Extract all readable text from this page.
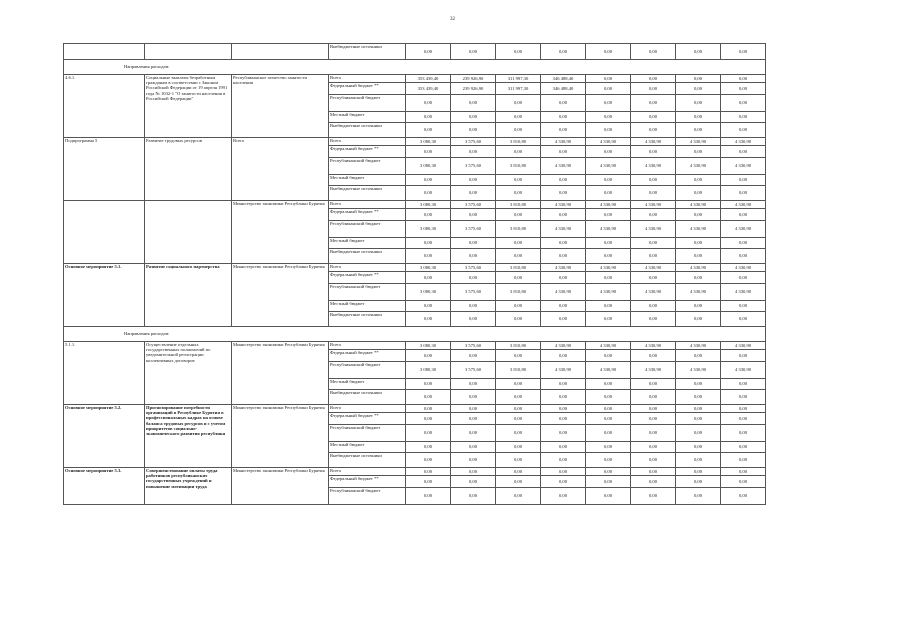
32
			Внебюджетные источники	0,00	0,00	0,00	0,00	0,00	0,00	0,00	0,00
Направления расходов:											
4.6.1.	Социальные выплаты безработным гражданам в соответствии с Законом Российской Федерации от 19 апреля 1991 года № 1032-1 "О занятости населения в Российской Федерации"	Республиканское агентство занятости населения	Всего	353 439,40	239 926,90	311 997,30	346 488,40	0,00	0,00	0,00	0,00
			Федеральный бюджет **	353 439,40	239 926,90	311 997,30	346 488,40	0,00	0,00	0,00	0,00
			Республиканский бюджет	0,00	0,00	0,00	0,00	0,00	0,00	0,00	0,00
			Местный бюджет	0,00	0,00	0,00	0,00	0,00	0,00	0,00	0,00
			Внебюджетные источники	0,00	0,00	0,00	0,00	0,00	0,00	0,00	0,00
Подпрограмма 5	Развитие трудовых ресурсов	Всего	Всего	3 080,30	3 575,60	3 810,80	4 330,90	4 330,90	4 330,90	4 330,90	4 330,90
			Федеральный бюджет **	0,00	0,00	0,00	0,00	0,00	0,00	0,00	0,00
			Республиканский бюджет	3 080,30	3 575,60	3 810,80	4 330,90	4 330,90	4 330,90	4 330,90	4 330,90
			Местный бюджет	0,00	0,00	0,00	0,00	0,00	0,00	0,00	0,00
			Внебюджетные источники	0,00	0,00	0,00	0,00	0,00	0,00	0,00	0,00
		Министерство экономики Республики Бурятия	Всего	3 080,30	3 575,60	3 810,80	4 330,90	4 330,90	4 330,90	4 330,90	4 330,90
			Федеральный бюджет **	0,00	0,00	0,00	0,00	0,00	0,00	0,00	0,00
			Республиканский бюджет	3 080,30	3 575,60	3 810,80	4 330,90	4 330,90	4 330,90	4 330,90	4 330,90
			Местный бюджет	0,00	0,00	0,00	0,00	0,00	0,00	0,00	0,00
			Внебюджетные источники	0,00	0,00	0,00	0,00	0,00	0,00	0,00	0,00
Основное мероприятие 5.1.	Развитие социального партнерства	Министерство экономики Республики Бурятия	Всего	3 080,30	3 575,60	3 810,80	4 330,90	4 330,90	4 330,90	4 330,90	4 330,90
			Федеральный бюджет **	0,00	0,00	0,00	0,00	0,00	0,00	0,00	0,00
			Республиканский бюджет	3 080,30	3 575,60	3 810,80	4 330,90	4 330,90	4 330,90	4 330,90	4 330,90
			Местный бюджет	0,00	0,00	0,00	0,00	0,00	0,00	0,00	0,00
			Внебюджетные источники	0,00	0,00	0,00	0,00	0,00	0,00	0,00	0,00
Направления расходов:											
5.1.1.	Осуществление отдельных государственных полномочий по уведомительной регистрации коллективных договоров	Министерство экономики Республики Бурятия	Всего	3 080,30	3 575,60	3 810,80	4 330,90	4 330,90	4 330,90	4 330,90	4 330,90
			Федеральный бюджет **	0,00	0,00	0,00	0,00	0,00	0,00	0,00	0,00
			Республиканский бюджет	3 080,30	3 575,60	3 810,80	4 330,90	4 330,90	4 330,90	4 330,90	4 330,90
			Местный бюджет	0,00	0,00	0,00	0,00	0,00	0,00	0,00	0,00
			Внебюджетные источники	0,00	0,00	0,00	0,00	0,00	0,00	0,00	0,00
Основное мероприятие 5.2.	Прогнозирование потребности организаций в Республике Бурятия в профессиональных кадрах на основе баланса трудовых ресурсов и с учетом приоритетов социально-экономического развития республики	Министерство экономики Республики Бурятия	Всего	0,00	0,00	0,00	0,00	0,00	0,00	0,00	0,00
			Федеральный бюджет **	0,00	0,00	0,00	0,00	0,00	0,00	0,00	0,00
			Республиканский бюджет	0,00	0,00	0,00	0,00	0,00	0,00	0,00	0,00
			Местный бюджет	0,00	0,00	0,00	0,00	0,00	0,00	0,00	0,00
			Внебюджетные источники	0,00	0,00	0,00	0,00	0,00	0,00	0,00	0,00
Основное мероприятие 5.3.	Совершенствование оплаты труда работников республиканских государственных учреждений и повышение мотивации труда	Министерство экономики Республики Бурятия	Всего	0,00	0,00	0,00	0,00	0,00	0,00	0,00	0,00
			Федеральный бюджет **	0,00	0,00	0,00	0,00	0,00	0,00	0,00	0,00
			Республиканский бюджет	0,00	0,00	0,00	0,00	0,00	0,00	0,00	0,00
